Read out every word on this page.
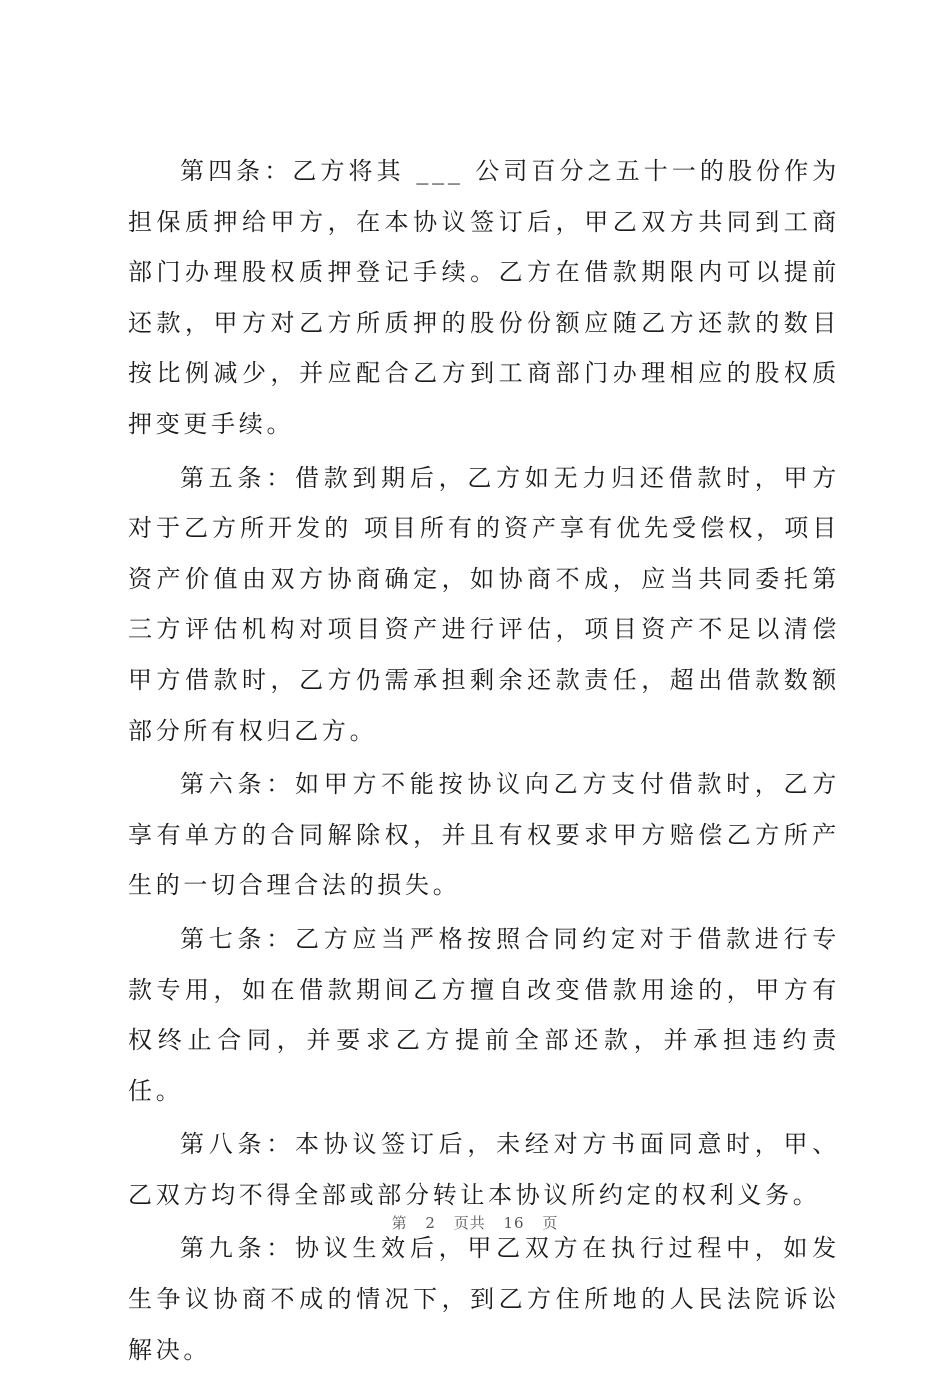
第四条：乙方将其 ___ 公司百分之五十一的股份作为担保质押给甲方，在本协议签订后，甲乙双方共同到工商部门办理股权质押登记手续。乙方在借款期限内可以提前还款，甲方对乙方所质押的股份份额应随乙方还款的数目按比例减少，并应配合乙方到工商部门办理相应的股权质押变更手续。

第五条：借款到期后，乙方如无力归还借款时，甲方对于乙方所开发的 项目所有的资产享有优先受偿权，项目资产价值由双方协商确定，如协商不成，应当共同委托第三方评估机构对项目资产进行评估，项目资产不足以清偿甲方借款时，乙方仍需承担剩余还款责任，超出借款数额部分所有权归乙方。

第六条：如甲方不能按协议向乙方支付借款时，乙方享有单方的合同解除权，并且有权要求甲方赔偿乙方所产生的一切合理合法的损失。

第七条：乙方应当严格按照合同约定对于借款进行专款专用，如在借款期间乙方擅自改变借款用途的，甲方有权终止合同，并要求乙方提前全部还款，并承担违约责任。

第八条：本协议签订后，未经对方书面同意时，甲、乙双方均不得全部或部分转让本协议所约定的权利义务。

第九条：协议生效后，甲乙双方在执行过程中，如发生争议协商不成的情况下，到乙方住所地的人民法院诉讼解决。

第 2 页共 16 页
